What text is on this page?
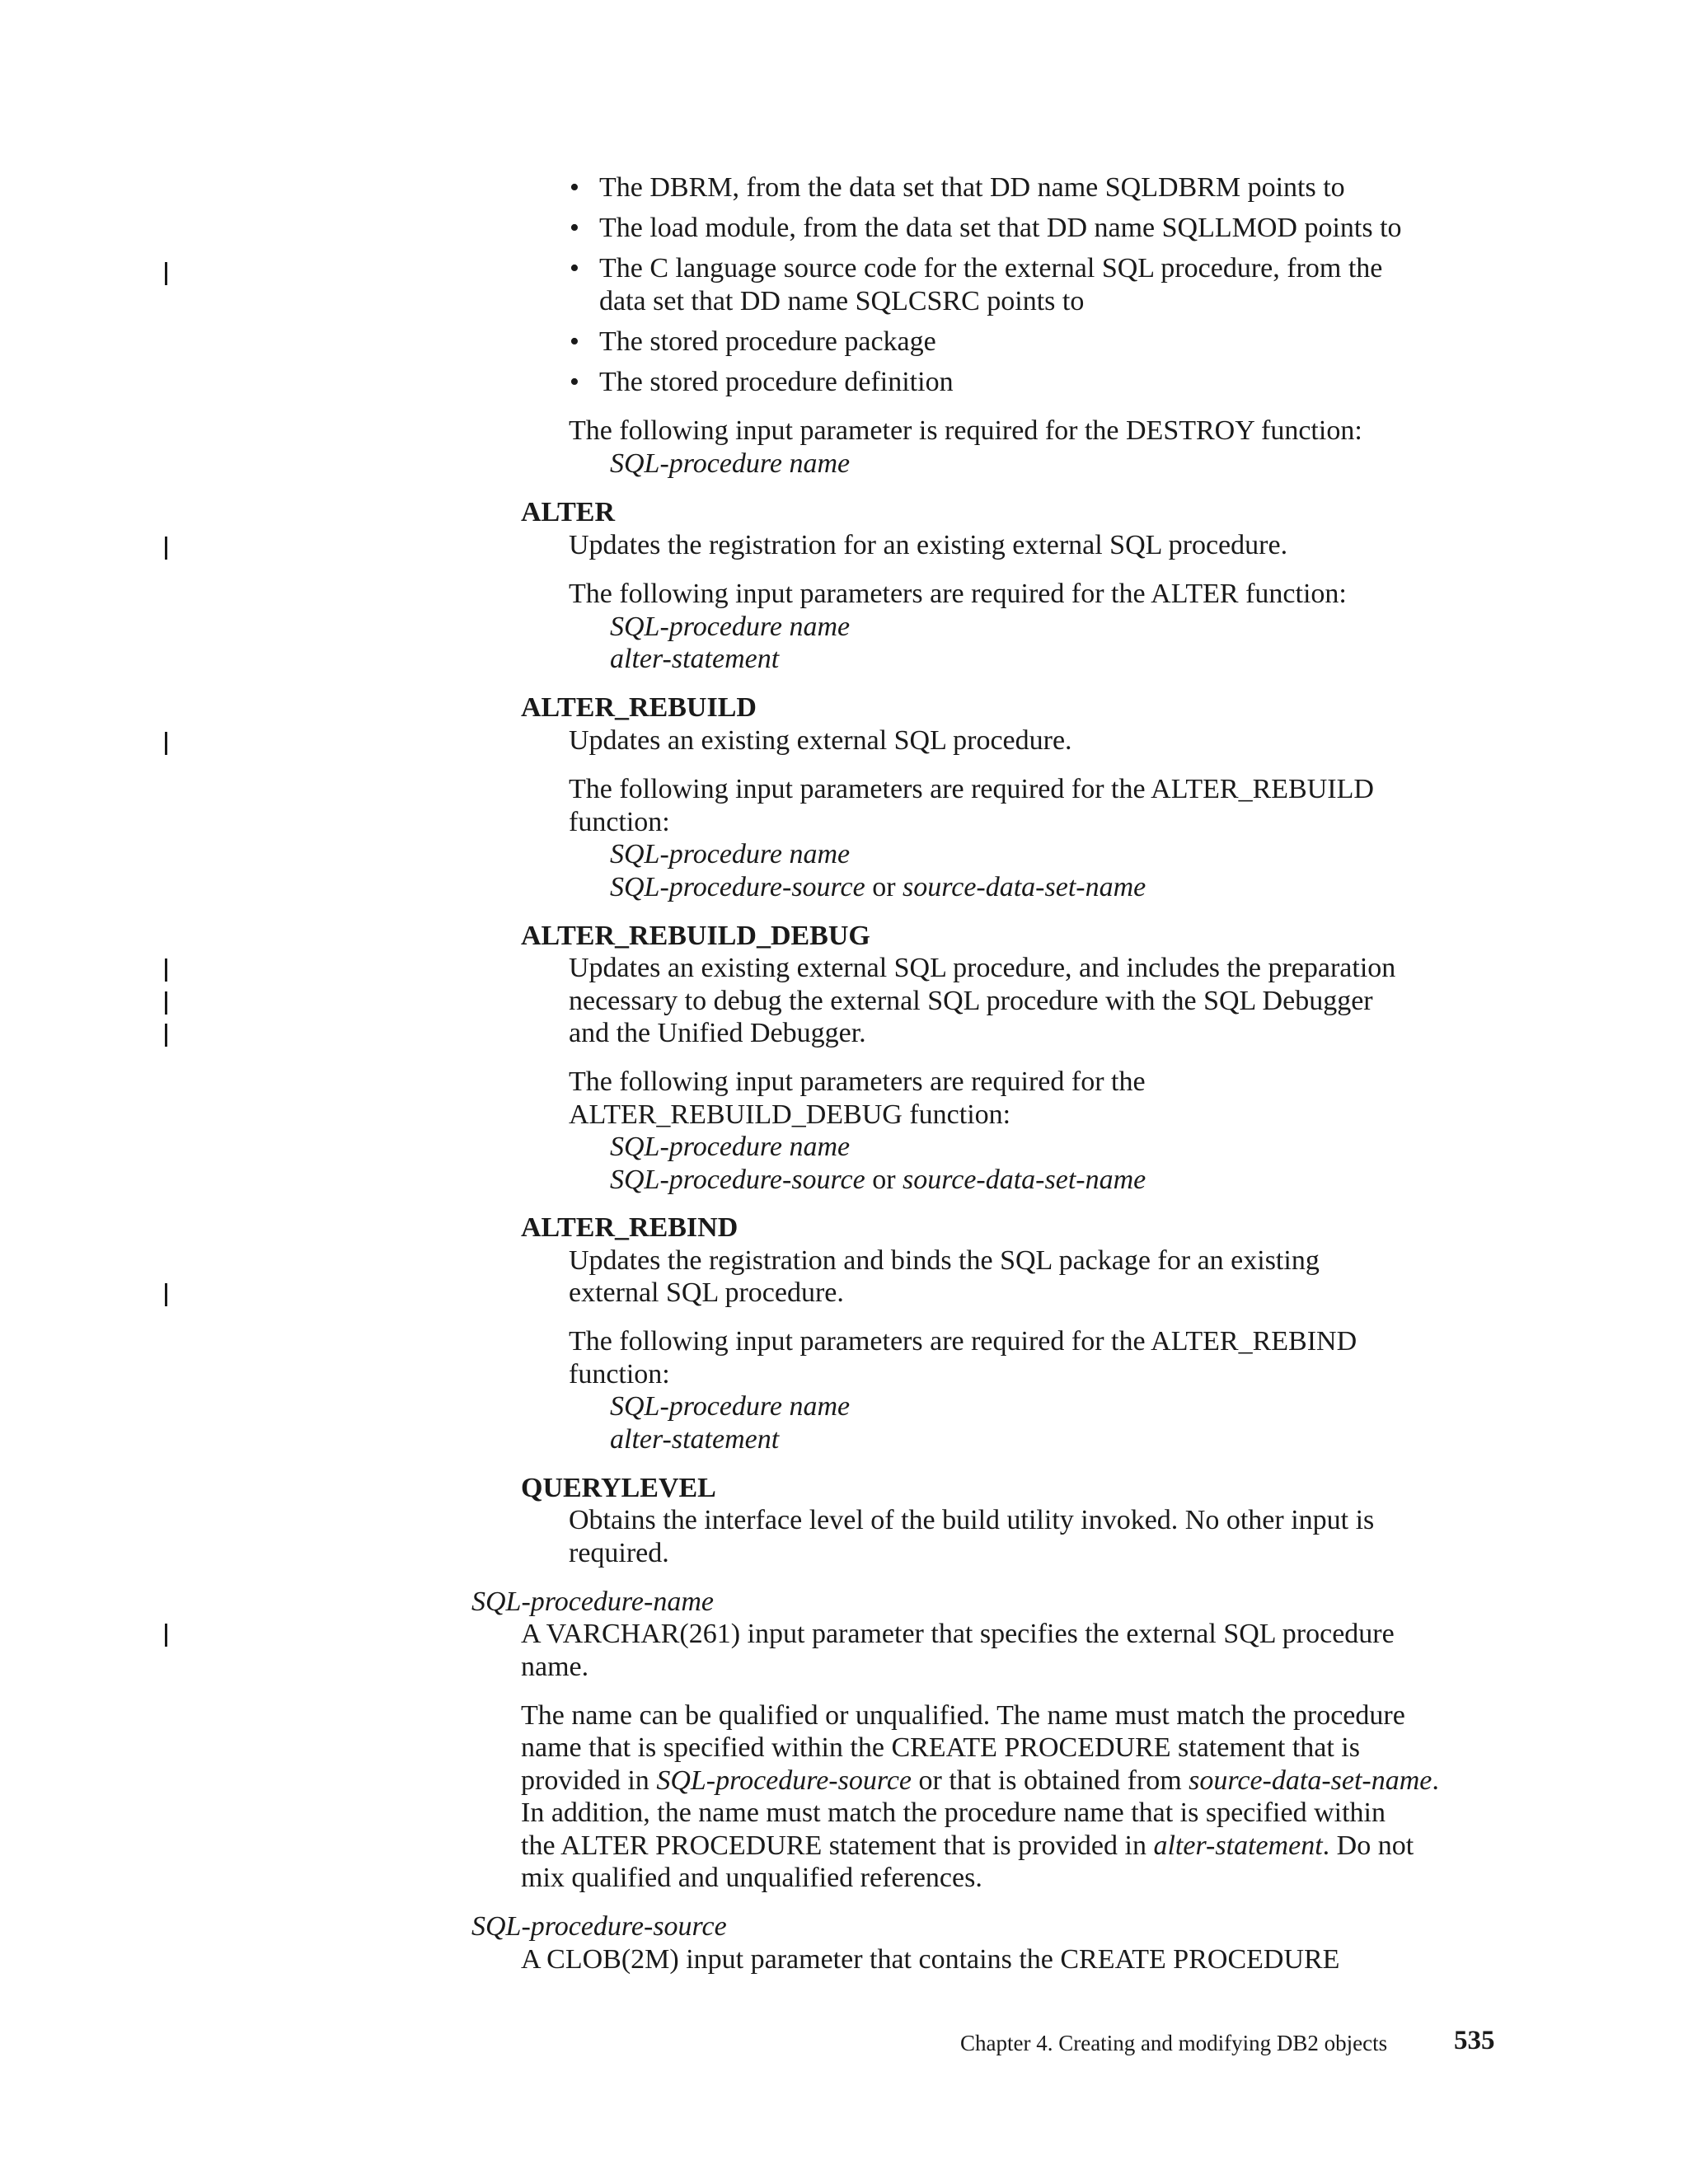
• The DBRM, from the data set that DD name SQLDBRM points to
• The load module, from the data set that DD name SQLLMOD points to
• The C language source code for the external SQL procedure, from the
data set that DD name SQLCSRC points to
• The stored procedure package
• The stored procedure definition
The following input parameter is required for the DESTROY function:
SQL-procedure name
ALTER
Updates the registration for an existing external SQL procedure.
The following input parameters are required for the ALTER function:
SQL-procedure name
alter-statement
ALTER_REBUILD
Updates an existing external SQL procedure.
The following input parameters are required for the ALTER_REBUILD
function:
SQL-procedure name
SQL-procedure-source or source-data-set-name
ALTER_REBUILD_DEBUG
Updates an existing external SQL procedure, and includes the preparation
necessary to debug the external SQL procedure with the SQL Debugger
and the Unified Debugger.
The following input parameters are required for the
ALTER_REBUILD_DEBUG function:
SQL-procedure name
SQL-procedure-source or source-data-set-name
ALTER_REBIND
Updates the registration and binds the SQL package for an existing
external SQL procedure.
The following input parameters are required for the ALTER_REBIND
function:
SQL-procedure name
alter-statement
QUERYLEVEL
Obtains the interface level of the build utility invoked. No other input is
required.
SQL-procedure-name
A VARCHAR(261) input parameter that specifies the external SQL procedure
name.
The name can be qualified or unqualified. The name must match the procedure
name that is specified within the CREATE PROCEDURE statement that is
provided in SQL-procedure-source or that is obtained from source-data-set-name.
In addition, the name must match the procedure name that is specified within
the ALTER PROCEDURE statement that is provided in alter-statement. Do not
mix qualified and unqualified references.
SQL-procedure-source
A CLOB(2M) input parameter that contains the CREATE PROCEDURE
Chapter 4. Creating and modifying DB2 objects 535
